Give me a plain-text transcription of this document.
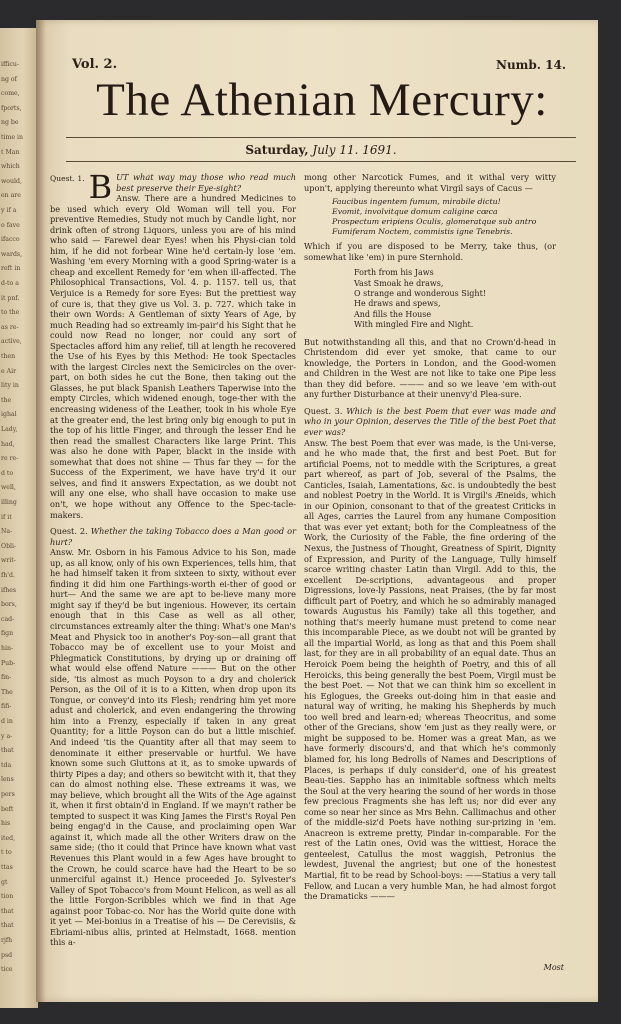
ifficu-
ng of
come,
fports,
ng be
time in
t Man
which
would,
en are
y if a
o fave
ifacco
wards,
reft in
d-to a
it pnf.
to the
as re-
active,
then
e Air
lity in
the
ighal
Lady,
had,
re re-
d to
well,
illing
if it
Na-
Obli-
writ-
fh'd.
ifhes
bors,
cad-
fign
hin-
Pub-
fin-
The
fifi-
d in
y a-
that
tda
lens
pers
beft
his
ited,
t to
ttas
gt
tion
that
that
rjfh
psd
tice
Vol. 2.	Numb. 14.
The Athenian Mercury:
Saturday, July 11. 1691.

Quest. 1. B UT what way may those who read much best preserve their Eye-sight?

Answ. There are a hundred Medicines to be used which every Old Woman will tell you. For preventive Remedies, Study not much by Candle light, nor drink often of strong Liquors, unless you are of his mind who said — Farewel dear Eyes! when his Physi-cian told him, if he did not forbear Wine he'd certain-ly lose 'em. Washing 'em every Morning with a good Spring-water is a cheap and excellent Remedy for 'em when ill-affected. The Philosophical Transactions, Vol. 4. p. 1157. tell us, that Verjuice is a Remedy for sore Eyes: But the prettiest way of cure is, that they give us Vol. 3. p. 727. which take in their own Words: A Gentleman of sixty Years of Age, by much Reading had so extreamly im-pair'd his Sight that he could now Read no longer, nor could any sort of Spectacles afford him any relief, till at length he recovered the Use of his Eyes by this Method: He took Spectacles with the largest Circles next the Semicircles on the over-part, on both sides he cut the Bone, then taking out the Glasses, he put black Spanish Leathers Taperwise into the empty Circles, which widened enough, toge-ther with the encreasing wideness of the Leather, took in his whole Eye at the greater end, the lest bring only big enough to put in the top of his little Finger, and through the lesser End he then read the smallest Characters like large Print. This was also he done with Paper, blackt in the inside with somewhat that does not shine — Thus far they — for the Success of the Experiment, we have have try'd it our selves, and find it answers Expectation, as we doubt not will any one else, who shall have occasion to make use on't, we hope without any Offence to the Spec-tacle-makers.

Quest. 2. Whether the taking Tobacco does a Man good or hurt?

Answ. Mr. Osborn in his Famous Advice to his Son, made up, as all know, only of his own Experiences, tells him, that he had himself taken it from sixteen to sixty, without ever finding it did him one Farthings-worth ei-ther of good or hurt— And the same we are apt to be-lieve many more might say if they'd be but ingenious. However, its certain enough that in this Case as well as all other, circumstances extreamly alter the thing: What's one Man's Meat and Physick too in another's Poy-son—all grant that Tobacco may be of excellent use to your Moist and Phlegmatick Constitutions, by drying up or draining off what would else offend Nature ——— But on the other side, 'tis almost as much Poyson to a dry and cholerick Person, as the Oil of it is to a Kitten, when drop upon its Tongue, or convey'd into its Flesh; rendring him yet more adust and cholerick, and even endangering the throwing him into a Frenzy, especially if taken in any great Quantity; for a little Poyson can do but a little mischief. And indeed 'tis the Quantity after all that may seem to denominate it either preservable or hurtful. We have known some such Gluttons at it, as to smoke upwards of thirty Pipes a day; and others so bewitcht with it, that they can do almost nothing else. These extreams it was, we may believe, which brought all the Wits of the Age against it, when it first obtain'd in England. If we mayn't rather be tempted to suspect it was King James the First's Royal Pen being engag'd in the Cause, and proclaiming open War against it, which made all the other Writers draw on the same side; (tho it could that Prince have known what vast Revenues this Plant would in a few Ages have brought to the Crown, he could scarce have had the Heart to be so unmerciful against it.) Hence proceeded Jo. Sylvester's Valley of Spot Tobacco's from Mount Helicon, as well as all the little Forgon-Scribbles which we find in that Age against poor Tobac-co. Nor has the World quite done with it yet — Mei-bonius in a Treatise of his — De Cerevisiis, & Ebriami-nibus aliis, printed at Helmstadt, 1668. mention this a-

mong other Narcotick Fumes, and it withal very witty upon't, applying thereunto what Virgil says of Cacus —

Faucibus ingentem fumum, mirabile dictu!
Evomit, involvitque domum caligine cœca
Prospectum eripiens Oculis, glomeratque sub antro
Fumiferam Noctem, commistis igne Tenebris.

Which if you are disposed to be Merry, take thus, (or somewhat like 'em) in pure Sternhold.

Forth from his Jaws
Vast Smoak he draws,
O strange and wonderous Sight!
He draws and spews,
And fills the House
With mingled Fire and Night.

But notwithstanding all this, and that no Crown'd-head in Christendom did ever yet smoke, that came to our knowledge, the Porters in London, and the Good-women and Children in the West are not like to take one Pipe less than they did before. ——— and so we leave 'em with-out any further Disturbance at their unenvy'd Plea-sure.

Quest. 3. Which is the best Poem that ever was made and who in your Opinion, deserves the Title of the best Poet that ever was?

Answ. The best Poem that ever was made, is the Uni-verse, and he who made that, the first and best Poet. But for artificial Poems, not to meddle with the Scriptures, a great part whereof, as part of Job, several of the Psalms, the Canticles, Isaiah, Lamentations, &c. is undoubtedly the best and noblest Poetry in the World. It is Virgil's Æneids, which in our Opinion, consonant to that of the greatest Criticks in all Ages, carries the Laurel from any humane Composition that was ever yet extant; both for the Compleatness of the Work, the Curiosity of the Fable, the fine ordering of the Nexus, the Justness of Thought, Greatness of Spirit, Dignity of Expression, and Purity of the Language, Tully himself scarce writing chaster Latin than Virgil. Add to this, the excellent De-scriptions, advantageous and proper Digressions, love-ly Passions, neat Praises, (the by far most difficult part of Poetry, and which he so admirably managed towards Augustus his Family) take all this together, and nothing that's meerly humane must pretend to come near this incomparable Piece, as we doubt not will be granted by all the impartial World, as long as that and this Poem shall last, for they are in all probability of an equal date. Thus an Heroick Poem being the heighth of Poetry, and this of all Heroicks, this being generally the best Poem, Virgil must be the best Poet. — Not that we can think him so excellent in his Eglogues, the Greeks out-doing him in that easie and natural way of writing, he making his Shepherds by much too well bred and learn-ed; whereas Theocritus, and some other of the Grecians, show 'em just as they really were, or might be supposed to be. Homer was a great Man, as we have formerly discours'd, and that which he's commonly blamed for, his long Bedrolls of Names and Descriptions of Places, is perhaps if duly consider'd, one of his greatest Beau-ties. Sappho has an inimitable softness which melts the Soul at the very hearing the sound of her words in those few precious Fragments she has left us; nor did ever any come so near her since as Mrs Behn. Callimachus and other of the middle-siz'd Poets have nothing sur-prizing in 'em. Anacreon is extreme pretty, Pindar in-comparable. For the rest of the Latin ones, Ovid was the wittiest, Horace the genteelest, Catullus the most waggish, Petronius the lewdest, Juvenal the angriest; but one of the honestest Martial, fit to be read by School-boys: ——Statius a very tall Fellow, and Lucan a very humble Man, he had almost forgot the Dramaticks ———

Most
